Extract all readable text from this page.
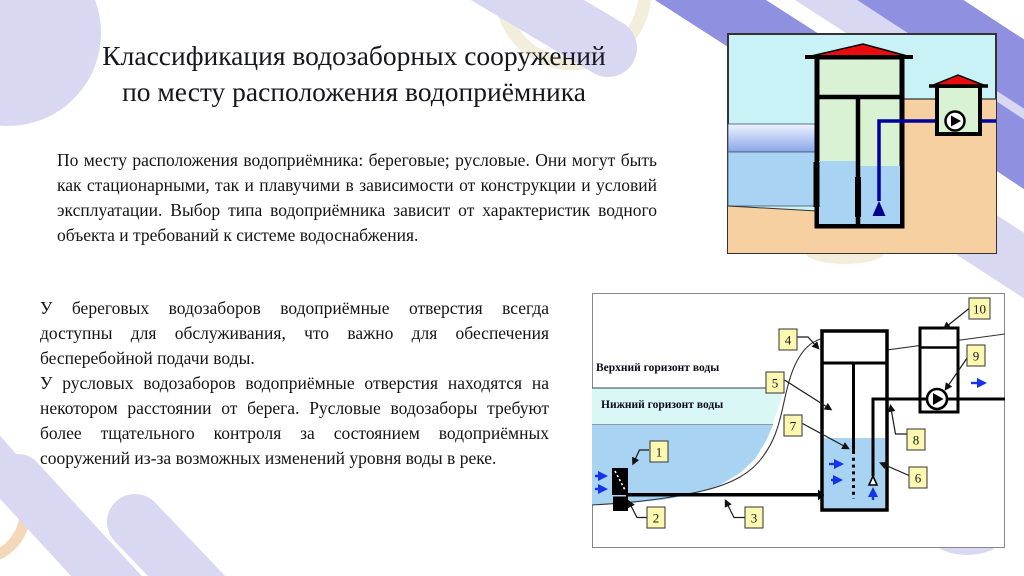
Классификация водозаборных сооружений
по месту расположения водоприёмника
По месту расположения водоприёмника: береговые; русловые. Они могут быть как стационарными, так и плавучими в зависимости от конструкции и условий эксплуатации. Выбор типа водоприёмника зависит от характеристик водного объекта и требований к системе водоснабжения.

У береговых водозаборов водоприёмные отверстия всегда доступны для обслуживания, что важно для обеспечения бесперебойной подачи воды.

У русловых водозаборов водоприёмные отверстия находятся на некотором расстоянии от берега. Русловые водозаборы требуют более тщательного контроля за состоянием водоприёмных сооружений из-за возможных изменений уровня воды в реке.

Верхний горизонт воды
Нижний горизонт воды
1
2	3
4
5
6
7
8
9
10
